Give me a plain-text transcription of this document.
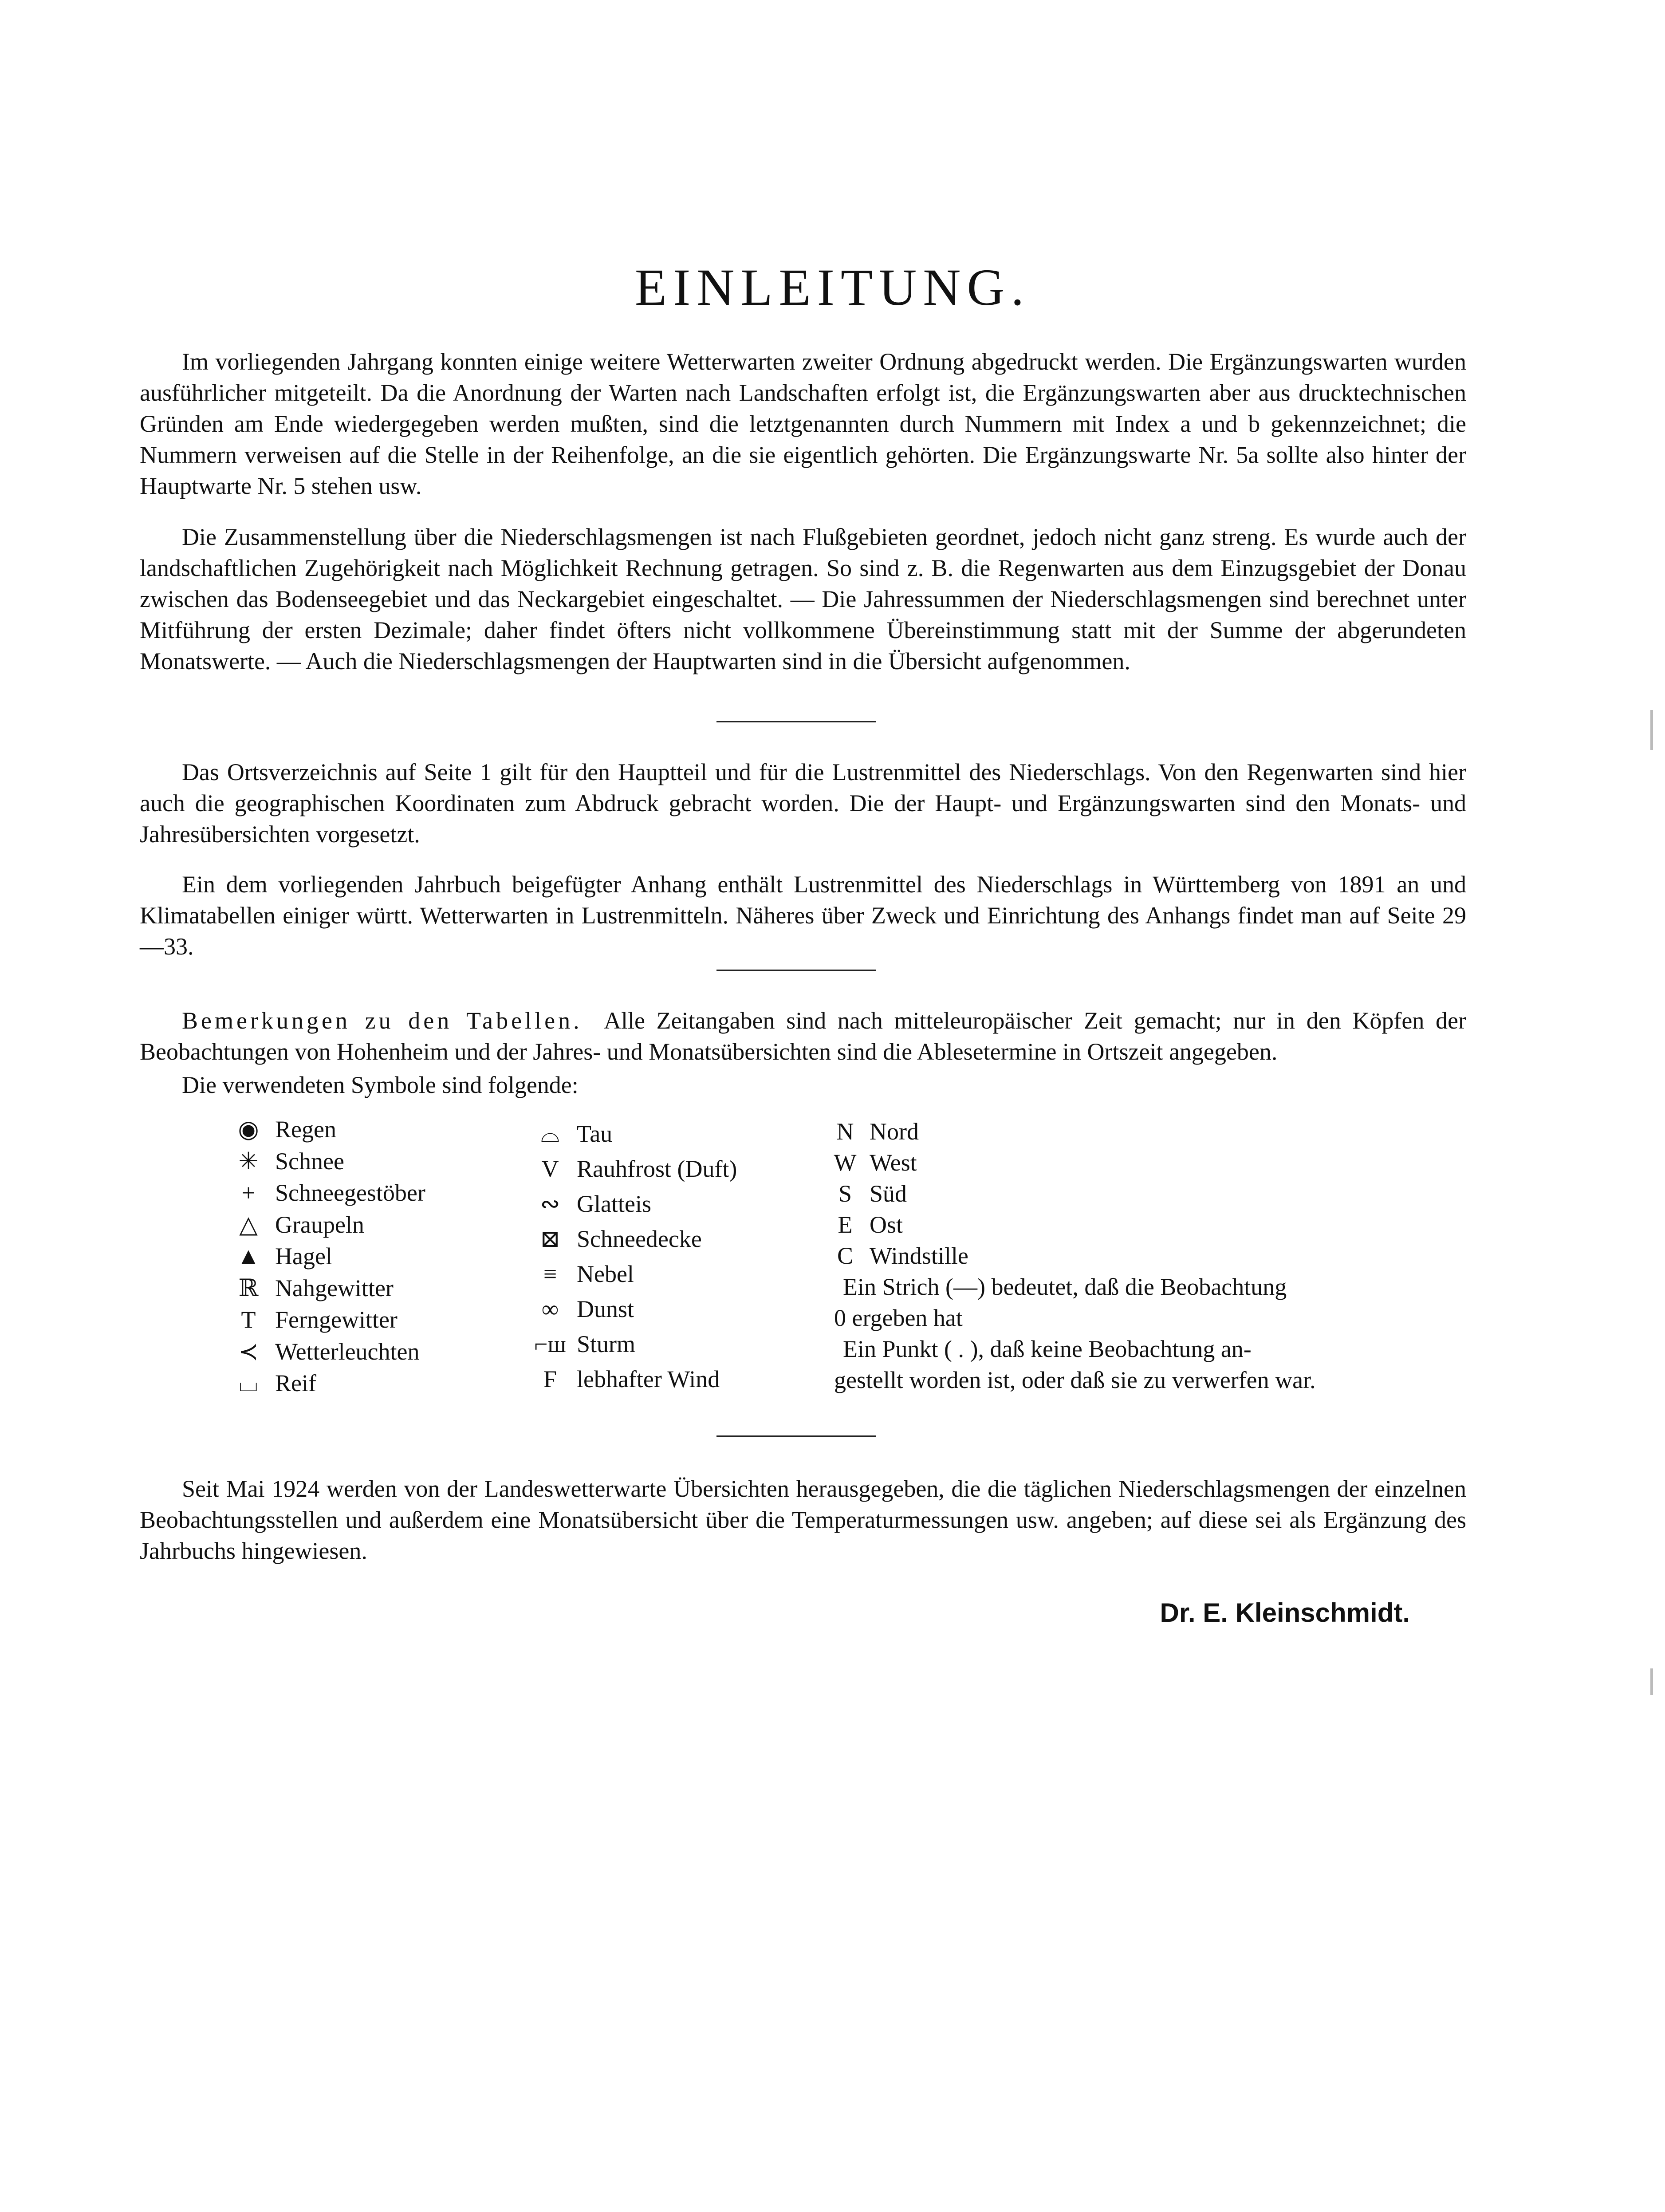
EINLEITUNG.

Im vorliegenden Jahrgang konnten einige weitere Wetterwarten zweiter Ordnung abgedruckt werden. Die Ergänzungswarten wurden ausführlicher mitgeteilt. Da die Anordnung der Warten nach Landschaften erfolgt ist, die Ergänzungswarten aber aus drucktechnischen Gründen am Ende wiedergegeben werden mußten, sind die letztgenannten durch Nummern mit Index a und b gekennzeichnet; die Nummern verweisen auf die Stelle in der Reihenfolge, an die sie eigentlich gehörten. Die Ergänzungswarte Nr. 5a sollte also hinter der Hauptwarte Nr. 5 stehen usw.

Die Zusammenstellung über die Niederschlagsmengen ist nach Flußgebieten geordnet, jedoch nicht ganz streng. Es wurde auch der landschaftlichen Zugehörigkeit nach Möglichkeit Rechnung getragen. So sind z. B. die Regenwarten aus dem Einzugsgebiet der Donau zwischen das Bodenseegebiet und das Neckargebiet eingeschaltet. — Die Jahressummen der Niederschlagsmengen sind berechnet unter Mitführung der ersten Dezimale; daher findet öfters nicht vollkommene Übereinstimmung statt mit der Summe der abgerundeten Monatswerte. — Auch die Niederschlagsmengen der Hauptwarten sind in die Übersicht aufgenommen.

Das Ortsverzeichnis auf Seite 1 gilt für den Hauptteil und für die Lustrenmittel des Niederschlags. Von den Regenwarten sind hier auch die geographischen Koordinaten zum Abdruck gebracht worden. Die der Haupt- und Ergänzungswarten sind den Monats- und Jahresübersichten vorgesetzt.

Ein dem vorliegenden Jahrbuch beigefügter Anhang enthält Lustrenmittel des Niederschlags in Württemberg von 1891 an und Klimatabellen einiger württ. Wetterwarten in Lustrenmitteln. Näheres über Zweck und Einrichtung des Anhangs findet man auf Seite 29—33.

Bemerkungen zu den Tabellen. Alle Zeitangaben sind nach mitteleuropäischer Zeit gemacht; nur in den Köpfen der Beobachtungen von Hohenheim und der Jahres- und Monatsübersichten sind die Ablesetermine in Ortszeit angegeben.

Die verwendeten Symbole sind folgende:

◉ Regen
✳ Schnee
+ Schneegestöber
△ Graupeln
▲ Hagel
ℝ Nahgewitter
T Ferngewitter
≺ Wetterleuchten
⌴ Reif
⌓ Tau
V Rauhfrost (Duft)
∾ Glatteis
⊠ Schneedecke
≡ Nebel
∞ Dunst
⌐ш Sturm
Ϝ lebhafter Wind
N Nord
W West
S Süd
E Ost
C Windstille

Ein Strich (—) bedeutet, daß die Beobachtung
0 ergeben hat

Ein Punkt ( . ), daß keine Beobachtung an-
gestellt worden ist, oder daß sie zu verwerfen war.

Seit Mai 1924 werden von der Landeswetterwarte Übersichten herausgegeben, die die täglichen Niederschlagsmengen der einzelnen Beobachtungsstellen und außerdem eine Monatsübersicht über die Temperaturmessungen usw. angeben; auf diese sei als Ergänzung des Jahrbuchs hingewiesen.

Dr. E. Kleinschmidt.
